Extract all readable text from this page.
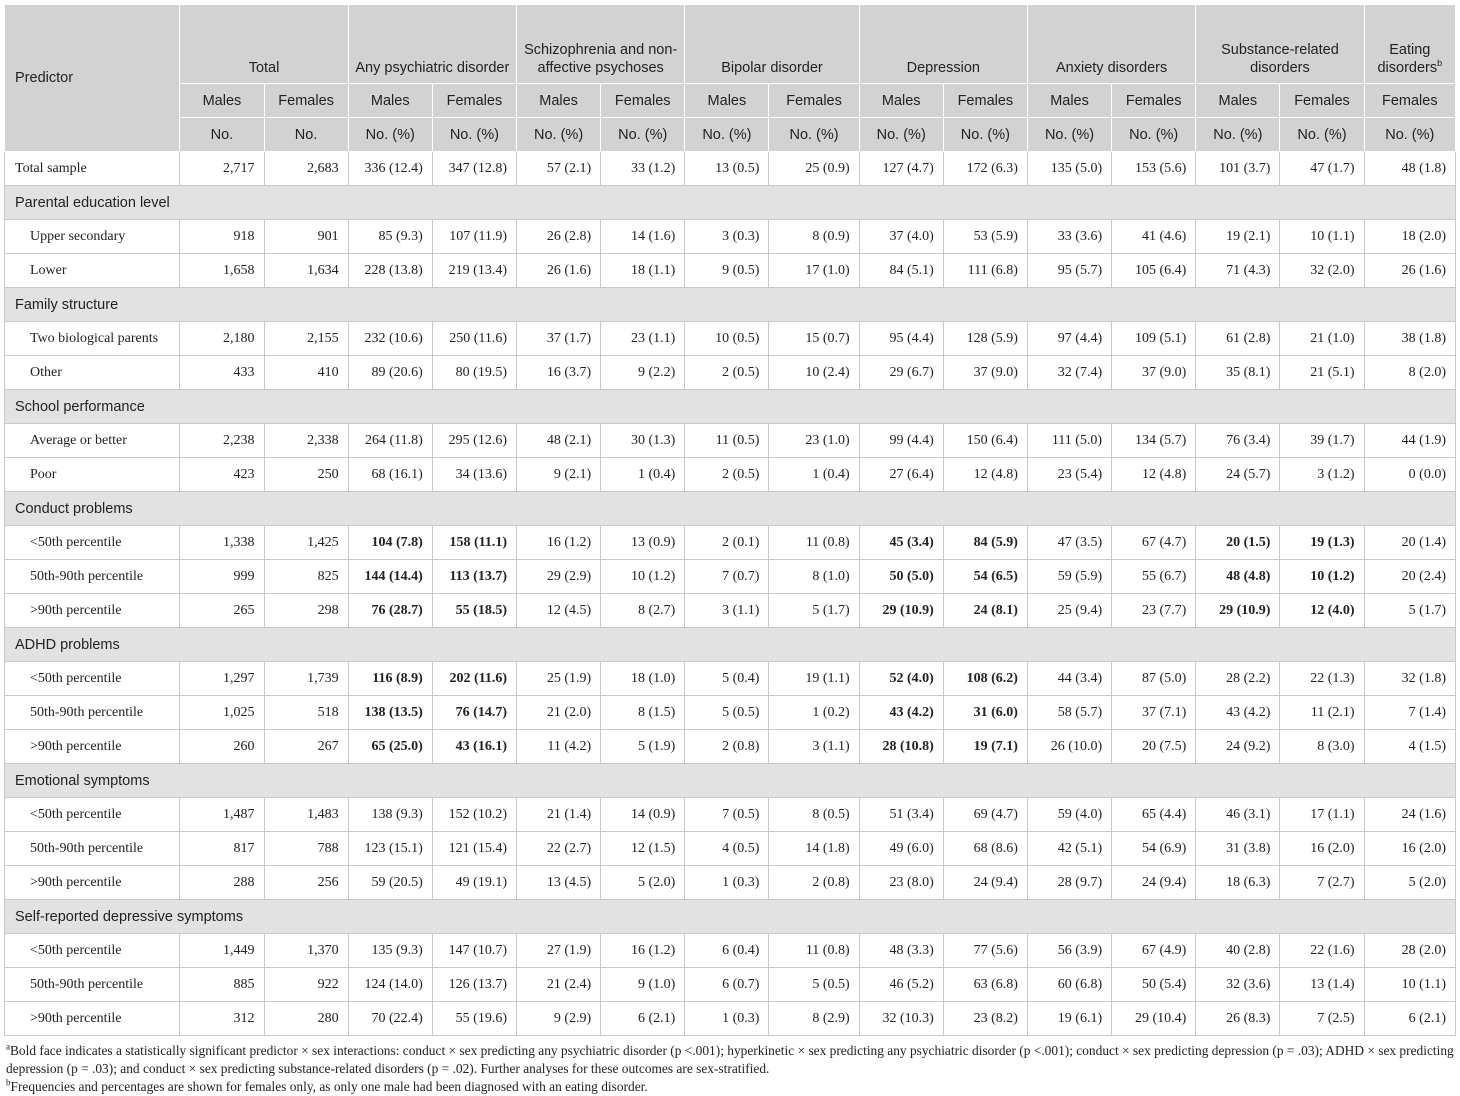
Predictor	Total		Any psychiatric disorder		Schizophrenia and non-affective psychoses		Bipolar disorder		Depression		Anxiety disorders		Substance-related disorders		Eating disorders$^b$
	Males	Females	Males	Females	Males	Females	Males	Females	Males	Females	Males	Females	Males	Females	Females
	No.	No.	No. (%)	No. (%)	No. (%)	No. (%)	No. (%)	No. (%)	No. (%)	No. (%)	No. (%)	No. (%)	No. (%)	No. (%)	No. (%)
Total sample	2,717	2,683	336 (12.4)	347 (12.8)	57 (2.1)	33 (1.2)	13 (0.5)	25 (0.9)	127 (4.7)	172 (6.3)	135 (5.0)	153 (5.6)	101 (3.7)	47 (1.7)	48 (1.8)
Parental education level															
Upper secondary	918	901	85 (9.3)	107 (11.9)	26 (2.8)	14 (1.6)	3 (0.3)	8 (0.9)	37 (4.0)	53 (5.9)	33 (3.6)	41 (4.6)	19 (2.1)	10 (1.1)	18 (2.0)
Lower	1,658	1,634	228 (13.8)	219 (13.4)	26 (1.6)	18 (1.1)	9 (0.5)	17 (1.0)	84 (5.1)	111 (6.8)	95 (5.7)	105 (6.4)	71 (4.3)	32 (2.0)	26 (1.6)
Family structure															
Two biological parents	2,180	2,155	232 (10.6)	250 (11.6)	37 (1.7)	23 (1.1)	10 (0.5)	15 (0.7)	95 (4.4)	128 (5.9)	97 (4.4)	109 (5.1)	61 (2.8)	21 (1.0)	38 (1.8)
Other	433	410	89 (20.6)	80 (19.5)	16 (3.7)	9 (2.2)	2 (0.5)	10 (2.4)	29 (6.7)	37 (9.0)	32 (7.4)	37 (9.0)	35 (8.1)	21 (5.1)	8 (2.0)
School performance															
Average or better	2,238	2,338	264 (11.8)	295 (12.6)	48 (2.1)	30 (1.3)	11 (0.5)	23 (1.0)	99 (4.4)	150 (6.4)	111 (5.0)	134 (5.7)	76 (3.4)	39 (1.7)	44 (1.9)
Poor	423	250	68 (16.1)	34 (13.6)	9 (2.1)	1 (0.4)	2 (0.5)	1 (0.4)	27 (6.4)	12 (4.8)	23 (5.4)	12 (4.8)	24 (5.7)	3 (1.2)	0 (0.0)
Conduct problems															
<50th percentile	1,338	1,425	104 (7.8)	158 (11.1)	16 (1.2)	13 (0.9)	2 (0.1)	11 (0.8)	45 (3.4)	84 (5.9)	47 (3.5)	67 (4.7)	20 (1.5)	19 (1.3)	20 (1.4)
50th-90th percentile	999	825	144 (14.4)	113 (13.7)	29 (2.9)	10 (1.2)	7 (0.7)	8 (1.0)	50 (5.0)	54 (6.5)	59 (5.9)	55 (6.7)	48 (4.8)	10 (1.2)	20 (2.4)
>90th percentile	265	298	76 (28.7)	55 (18.5)	12 (4.5)	8 (2.7)	3 (1.1)	5 (1.7)	29 (10.9)	24 (8.1)	25 (9.4)	23 (7.7)	29 (10.9)	12 (4.0)	5 (1.7)
ADHD problems															
<50th percentile	1,297	1,739	116 (8.9)	202 (11.6)	25 (1.9)	18 (1.0)	5 (0.4)	19 (1.1)	52 (4.0)	108 (6.2)	44 (3.4)	87 (5.0)	28 (2.2)	22 (1.3)	32 (1.8)
50th-90th percentile	1,025	518	138 (13.5)	76 (14.7)	21 (2.0)	8 (1.5)	5 (0.5)	1 (0.2)	43 (4.2)	31 (6.0)	58 (5.7)	37 (7.1)	43 (4.2)	11 (2.1)	7 (1.4)
>90th percentile	260	267	65 (25.0)	43 (16.1)	11 (4.2)	5 (1.9)	2 (0.8)	3 (1.1)	28 (10.8)	19 (7.1)	26 (10.0)	20 (7.5)	24 (9.2)	8 (3.0)	4 (1.5)
Emotional symptoms															
<50th percentile	1,487	1,483	138 (9.3)	152 (10.2)	21 (1.4)	14 (0.9)	7 (0.5)	8 (0.5)	51 (3.4)	69 (4.7)	59 (4.0)	65 (4.4)	46 (3.1)	17 (1.1)	24 (1.6)
50th-90th percentile	817	788	123 (15.1)	121 (15.4)	22 (2.7)	12 (1.5)	4 (0.5)	14 (1.8)	49 (6.0)	68 (8.6)	42 (5.1)	54 (6.9)	31 (3.8)	16 (2.0)	16 (2.0)
>90th percentile	288	256	59 (20.5)	49 (19.1)	13 (4.5)	5 (2.0)	1 (0.3)	2 (0.8)	23 (8.0)	24 (9.4)	28 (9.7)	24 (9.4)	18 (6.3)	7 (2.7)	5 (2.0)
Self-reported depressive symptoms															
<50th percentile	1,449	1,370	135 (9.3)	147 (10.7)	27 (1.9)	16 (1.2)	6 (0.4)	11 (0.8)	48 (3.3)	77 (5.6)	56 (3.9)	67 (4.9)	40 (2.8)	22 (1.6)	28 (2.0)
50th-90th percentile	885	922	124 (14.0)	126 (13.7)	21 (2.4)	9 (1.0)	6 (0.7)	5 (0.5)	46 (5.2)	63 (6.8)	60 (6.8)	50 (5.4)	32 (3.6)	13 (1.4)	10 (1.1)
>90th percentile	312	280	70 (22.4)	55 (19.6)	9 (2.9)	6 (2.1)	1 (0.3)	8 (2.9)	32 (10.3)	23 (8.2)	19 (6.1)	29 (10.4)	26 (8.3)	7 (2.5)	6 (2.1)

$^a$Bold face indicates a statistically significant predictor × sex interactions: conduct × sex predicting any psychiatric disorder (p <.001); hyperkinetic × sex predicting any psychiatric disorder (p <.001); conduct × sex predicting depression (p = .03); ADHD × sex predicting depression (p = .03); and conduct × sex predicting substance-related disorders (p = .02). Further analyses for these outcomes are sex-stratified.

$^b$Frequencies and percentages are shown for females only, as only one male had been diagnosed with an eating disorder.
